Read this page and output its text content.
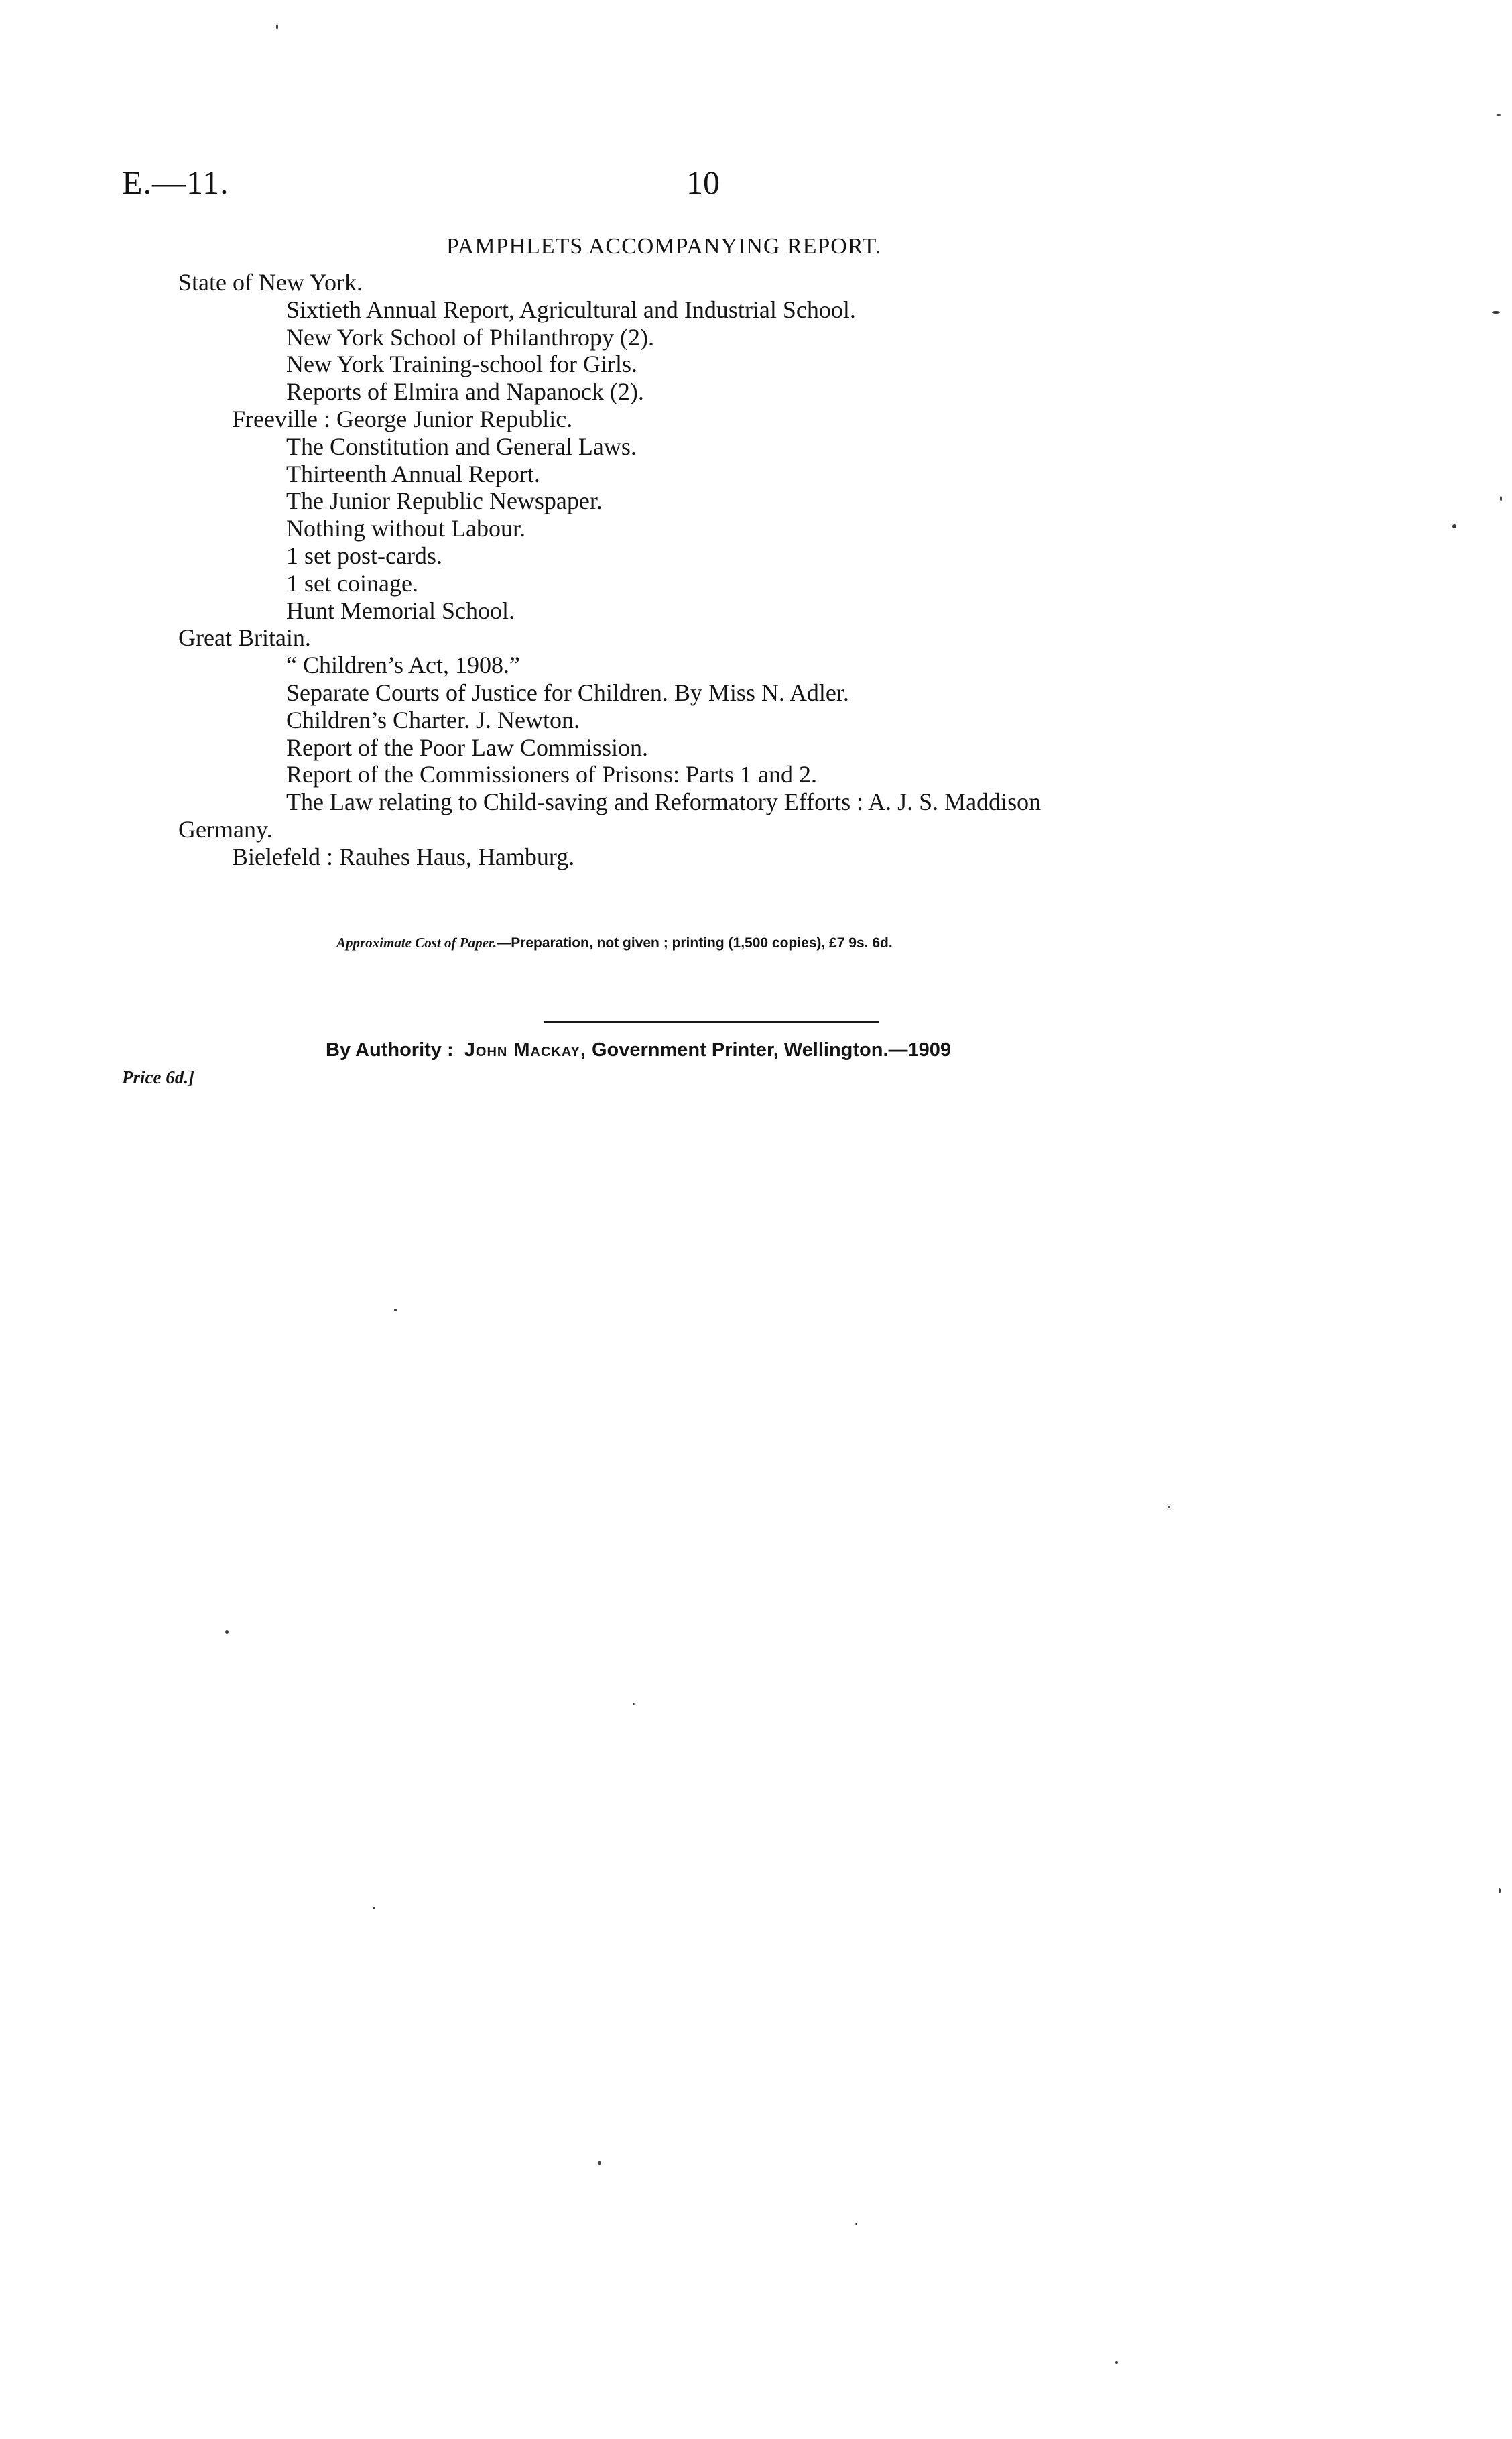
E.—11.	10
PAMPHLETS ACCOMPANYING REPORT.
State of New York.
Sixtieth Annual Report, Agricultural and Industrial School.
New York School of Philanthropy (2).
New York Training-school for Girls.
Reports of Elmira and Napanock (2).
Freeville : George Junior Republic.
The Constitution and General Laws.
Thirteenth Annual Report.
The Junior Republic Newspaper.
Nothing without Labour.
1 set post-cards.
1 set coinage.
Hunt Memorial School.
Great Britain.
“ Children’s Act, 1908.”
Separate Courts of Justice for Children. By Miss N. Adler.
Children’s Charter. J. Newton.
Report of the Poor Law Commission.
Report of the Commissioners of Prisons: Parts 1 and 2.
The Law relating to Child-saving and Reformatory Efforts : A. J. S. Maddison
Germany.
Bielefeld : Rauhes Haus, Hamburg.
Approximate Cost of Paper.—Preparation, not given ; printing (1,500 copies), £7 9s. 6d.
By Authority : John Mackay, Government Printer, Wellington.—1909
Price 6d.]
